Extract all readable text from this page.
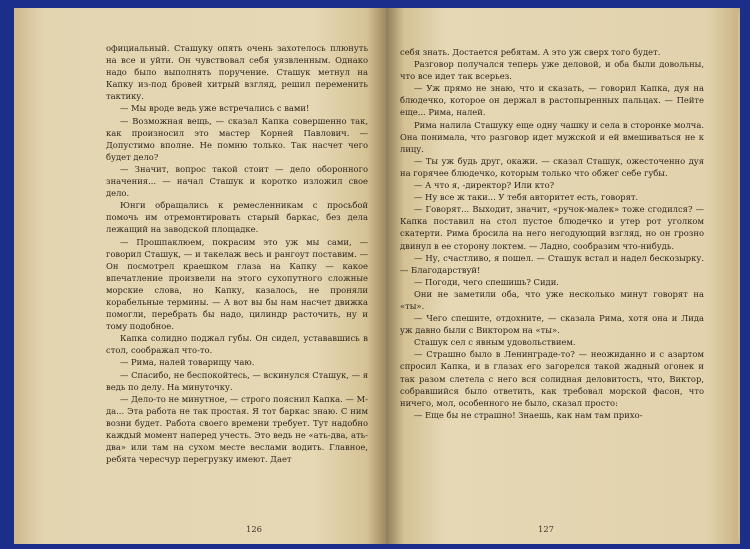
официальный. Стaшуку опять очень захотелось плюнуть на все и уйти. Он чувствовал себя уязвленным. Однако надо было выполнять поручение. Стaшук метнул на Капку из-под бровей хитрый взгляд, решил переменить тактику.

— Мы вроде ведь уже встречались с вами!

— Возможная вещь, — сказал Капка совершенно так, как произносил это мастер Корней Павлович. — Допустимо вполне. Не помню только. Так насчет чего будет дело?

— Значит, вопрос такой стоит — дело оборонного значения... — начал Стaшук и коротко изложил свое дело.

Юнги обращались к ремесленникам с просьбой помочь им отремонтировать старый баркас, без дела лежащий на заводской площадке.

— Прошпаклюем, покрасим это уж мы сами, — говорил Стaшук, — и такелаж весь и рангоут поставим. — Он посмотрел краешком глаза на Капку — какое впечатление произвели на этого сухопутного сложные морские слова, но Капку, казалось, не проняли корабельные термины. — А вот вы бы нам насчет движка помогли, перебрать бы надо, цилиндр расточить, ну и тому подобное.

Капка солидно поджал губы. Он сидел, устававшись в стол, соображал что-то.

— Рима, налей товарищу чаю.

— Спасибо, не беспокойтесь, — вскинулся Стaшук, — я ведь по делу. На минуточку.

— Дело-то не минутное, — строго пояснил Капка. — М-да... Эта работа не так простая. Я тот баркас знаю. С ним возни будет. Работа своего времени требует. Тут надобно каждый момент наперед учесть. Это ведь не «ать-два, ать-два» или там на сухом месте веслами водить. Главное, ребята чересчур перегрузку имеют. Дает

126

себя знать. Достается ребятам. А это уж сверх того будет.

Разговор получался теперь уже деловой, и оба были довольны, что все идет так всерьез.

— Уж прямо не знаю, что и сказать, — говорил Капка, дуя на блюдечко, которое он держал в растопыренных пальцах. — Пейте еще... Рима, налей.

Рима налила Стaшуку еще одну чашку и села в сторонке молча. Она понимала, что разговор идет мужской и ей вмешиваться не к лицу.

— Ты уж будь друг, окажи. — сказал Стaшук, ожесточенно дуя на горячее блюдечко, которым только что обжег себе губы.

— А что я, -директор? Или кто?

— Ну все ж таки... У тебя авторитет есть, говорят.

— Говорят... Выходит, значит, «ручок-малек» тоже сгодился? — Капка поставил на стол пустое блюдечко и утер рот уголком скатерти. Рима бросила на него негодующий взгляд, но он грозно двинул в ее сторону локтем. — Ладно, сообразим что-нибудь.

— Ну, счастливо, я пошел. — Стaшук встал и надел бескозырку. — Благодарствуй!

— Погоди, чего спешишь? Сиди.

Они не заметили оба, что уже несколько минут говорят на «ты».

— Чего спешите, отдохните, — сказала Рима, хотя она и Лида уж давно были с Виктором на «ты».

Стaшук сел с явным удовольствием.

— Страшно было в Ленинграде-то? — неожиданно и с азартом спросил Капка, и в глазах его загорелся такой жадный огонек и так разом слетела с него вся солидная деловитость, что, Виктор, собравшийся было ответить, как требовал морской фасон, что ничего, мол, особенного не было, сказал просто:

— Еще бы не страшно! Знаешь, как нам там прихо-

127
